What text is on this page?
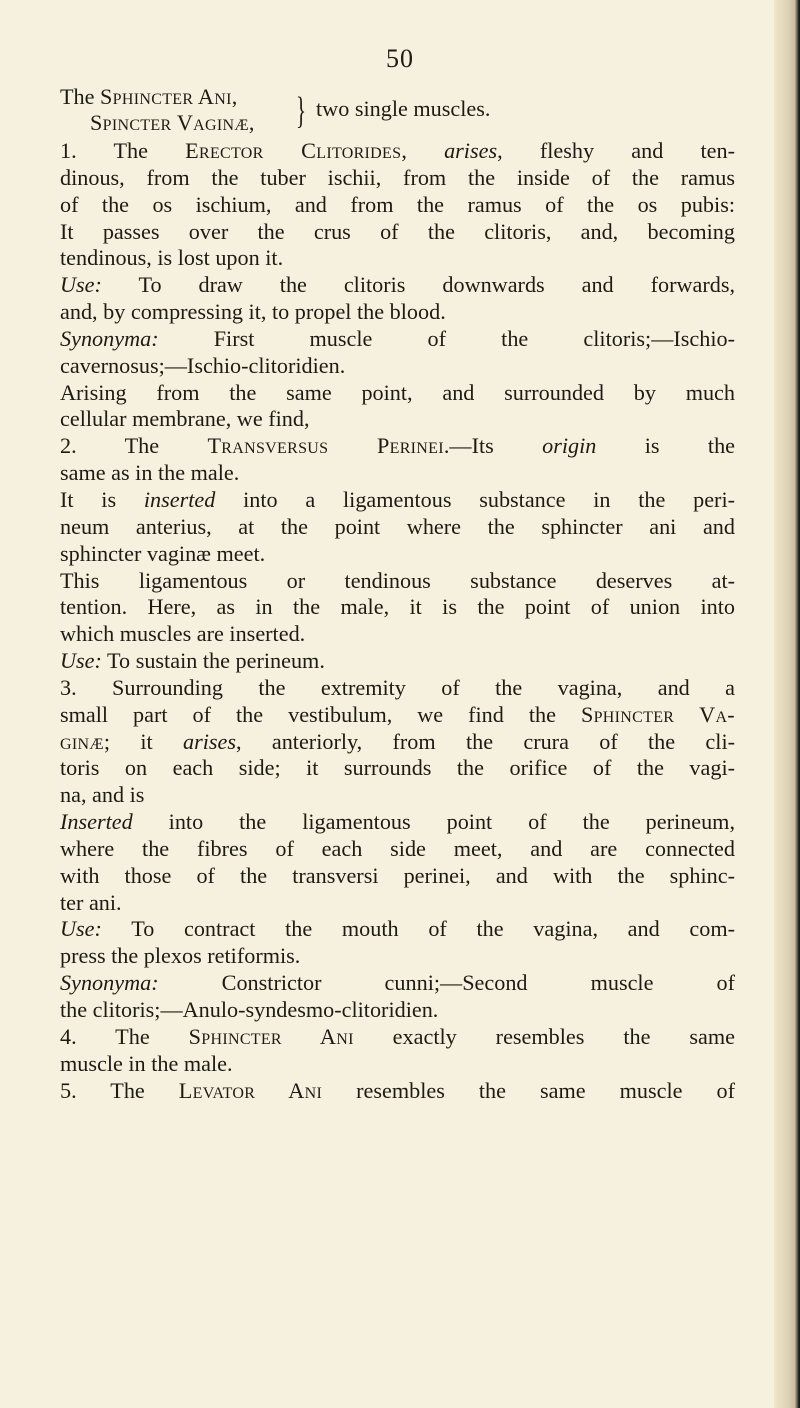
50
The Sphincter Ani,
Spincter Vaginæ, } two single muscles.
1. The Erector Clitorides, arises, fleshy and ten-
dinous, from the tuber ischii, from the inside of the ramus
of the os ischium, and from the ramus of the os pubis:
It passes over the crus of the clitoris, and, becoming
tendinous, is lost upon it.
Use: To draw the clitoris downwards and forwards,
and, by compressing it, to propel the blood.
Synonyma: First muscle of the clitoris;—Ischio-
cavernosus;—Ischio-clitoridien.
Arising from the same point, and surrounded by much
cellular membrane, we find,
2. The Transversus Perinei.—Its origin is the
same as in the male.
It is inserted into a ligamentous substance in the peri-
neum anterius, at the point where the sphincter ani and
sphincter vaginæ meet.
This ligamentous or tendinous substance deserves at-
tention. Here, as in the male, it is the point of union into
which muscles are inserted.
Use: To sustain the perineum.
3. Surrounding the extremity of the vagina, and a
small part of the vestibulum, we find the Sphincter Va-
ginæ; it arises, anteriorly, from the crura of the cli-
toris on each side; it surrounds the orifice of the vagi-
na, and is
Inserted into the ligamentous point of the perineum,
where the fibres of each side meet, and are connected
with those of the transversi perinei, and with the sphinc-
ter ani.
Use: To contract the mouth of the vagina, and com-
press the plexos retiformis.
Synonyma: Constrictor cunni;—Second muscle of
the clitoris;—Anulo-syndesmo-clitoridien.
4. The Sphincter Ani exactly resembles the same
muscle in the male.
5. The Levator Ani resembles the same muscle of
